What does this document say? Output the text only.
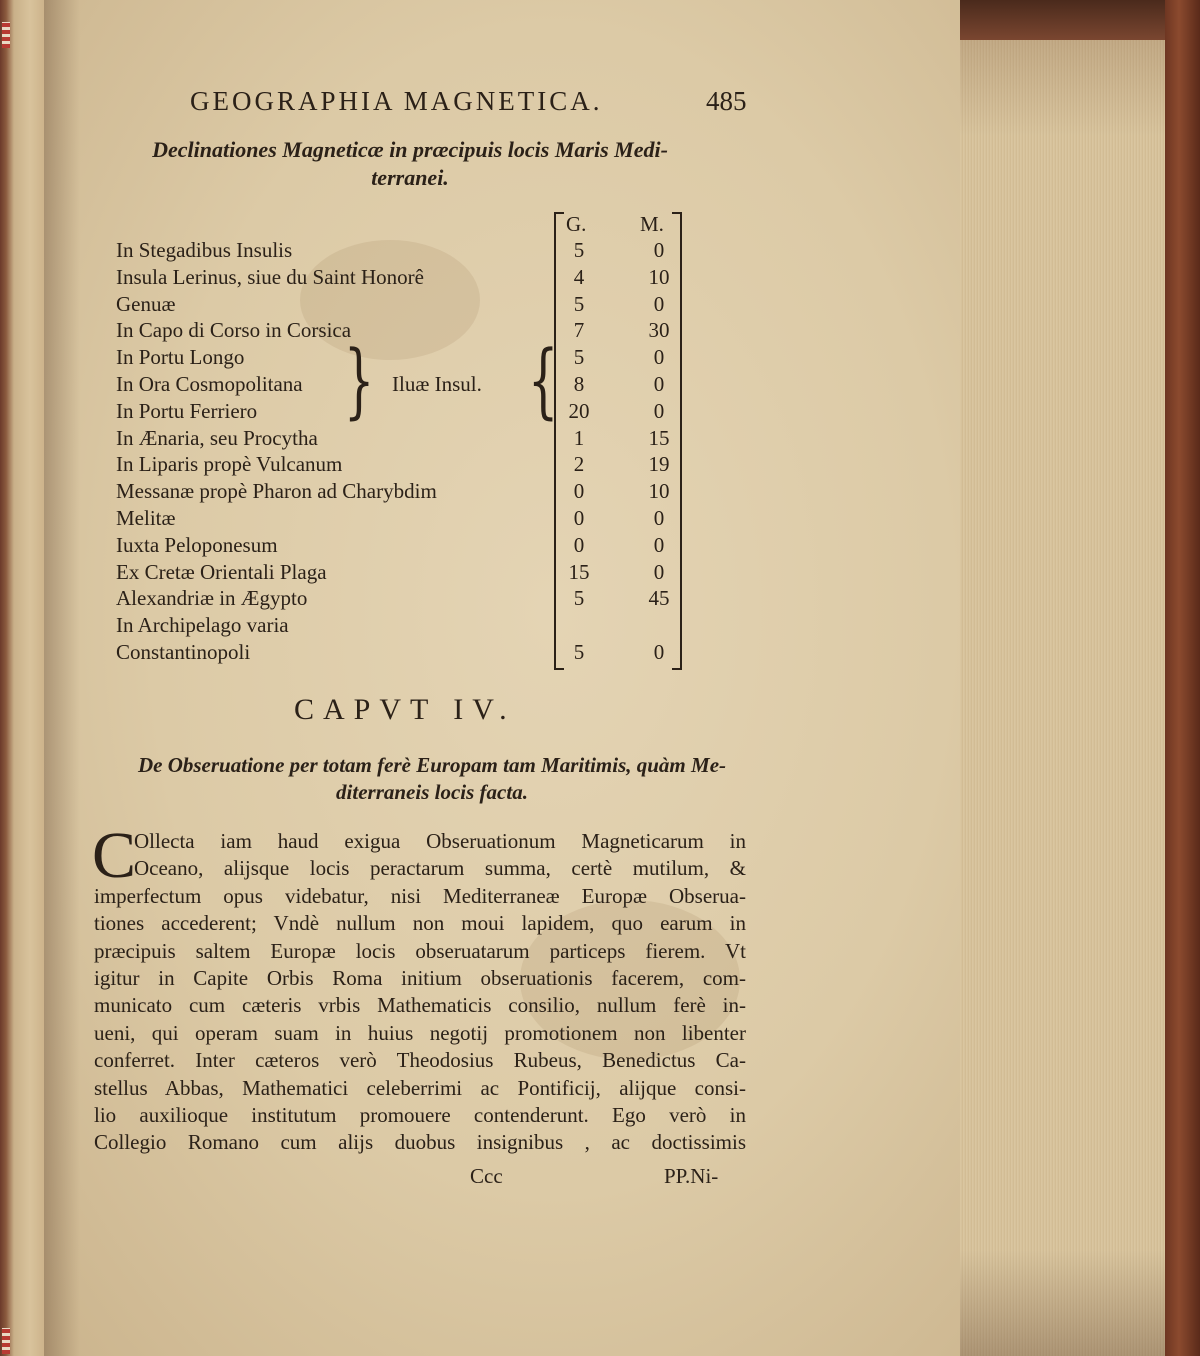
GEOGRAPHIA MAGNETICA.	485
Declinationes Magneticæ in præcipuis locis Maris Medi-
terranei.
G.	M.
In Stegadibus Insulis	5	0
Insula Lerinus, siue du Saint Honorê	4	10
Genuæ	5	0
In Capo di Corso in Corsica	7	30
In Portu Longo	5	0
In Ora Cosmopolitana	8	0
In Portu Ferriero	20	0
In Ænaria, seu Procytha	1	15
In Liparis propè Vulcanum	2	19
Messanæ propè Pharon ad Charybdim	0	10
Melitæ	0	0
Iuxta Peloponesum	0	0
Ex Cretæ Orientali Plaga	15	0
Alexandriæ in Ægypto	5	45
In Archipelago varia
Constantinopoli	5	0
}	{
Iluæ Insul.
CAPVT IV.
De Obseruatione per totam ferè Europam tam Maritimis, quàm Me-
diterraneis locis facta.
C
Ollecta iam haud exigua Obseruationum Magneticarum in
Oceano, alijsque locis peractarum summa, certè mutilum, &
imperfectum opus videbatur, nisi Mediterraneæ Europæ Obserua-
tiones accederent; Vndè nullum non moui lapidem, quo earum in
præcipuis saltem Europæ locis obseruatarum particeps fierem. Vt
igitur in Capite Orbis Roma initium obseruationis facerem, com-
municato cum cæteris vrbis Mathematicis consilio, nullum ferè in-
ueni, qui operam suam in huius negotij promotionem non libenter
conferret. Inter cæteros verò Theodosius Rubeus, Benedictus Ca-
stellus Abbas, Mathematici celeberrimi ac Pontificij, alijque consi-
lio auxilioque institutum promouere contenderunt. Ego verò in
Collegio Romano cum alijs duobus insignibus , ac doctissimis
Ccc	PP.Ni-
